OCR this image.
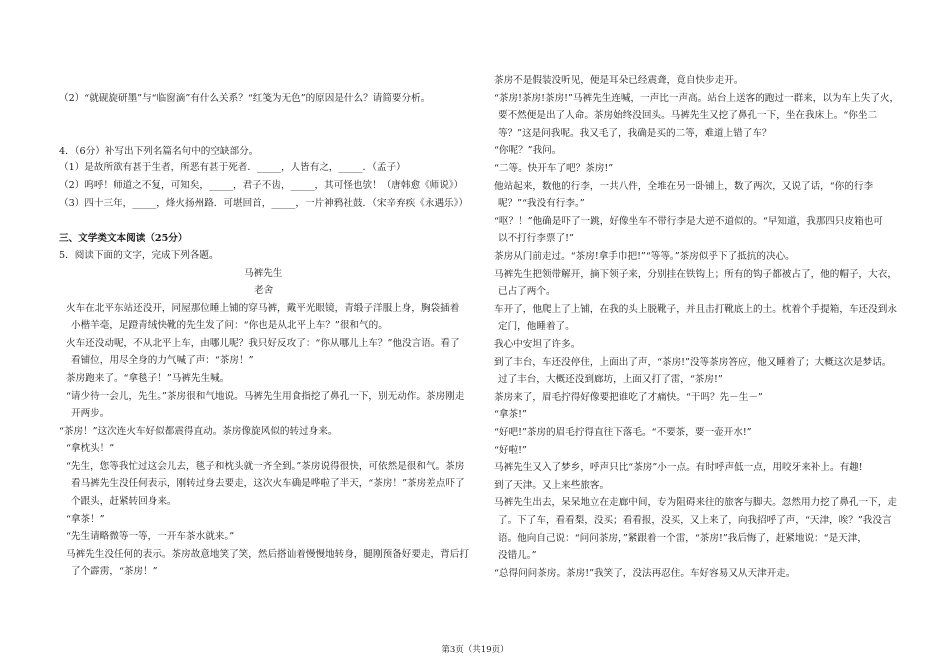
（2）“就砚旋研墨”与“临窗滴”有什么关系？“红笺为无色”的原因是什么？请简要分析。
4．（6分）补写出下列名篇名句中的空缺部分。
（1）是故所欲有甚于生者，所恶有甚于死者．_____，人皆有之，_____．（孟子）
（2）呜呼！师道之不复，可知矣，_____，君子不齿，_____，其可怪也欤！（唐韩愈《师说》）
（3）四十三年，_____，烽火扬州路．可堪回首，_____，一片神鸦社鼓．（宋辛弃疾《永遇乐》）
三、文学类文本阅读（25分）
5．阅读下面的文字，完成下列各题。
马裤先生
老舍
火车在北平东站还没开，同屋那位睡上铺的穿马裤，戴平光眼镜，青缎子洋服上身，胸袋插着
小楷羊毫，足蹬青绒快靴的先生发了问：“你也是从北平上车？”很和气的。
火车还没动呢，不从北平上车，由哪儿呢？我只好反攻了：“你从哪儿上车？”他没言语。看了
看铺位，用尽全身的力气喊了声：“茶房！”
茶房跑来了。“拿毯子！”马裤先生喊。
“请少待一会儿，先生。”茶房很和气地说。马裤先生用食指挖了鼻孔一下，别无动作。茶房刚走
开两步。
“茶房！”这次连火车好似都震得直动。茶房像旋风似的转过身来。
“拿枕头！”
“先生，您等我忙过这会儿去，毯子和枕头就一齐全到。”茶房说得很快，可依然是很和气。茶房
看马裤先生没任何表示，刚转过身去要走，这次火车确是哗啦了半天，“茶房！”茶房差点吓了
个跟头，赶紧转回身来。
“拿茶！”
“先生请略微等一等，一开车茶水就来。”
马裤先生没任何的表示。茶房故意地笑了笑，然后搭讪着慢慢地转身，腿刚预备好要走，背后打
了个霹雳，“茶房！”
茶房不是假装没听见，便是耳朵已经震聋，竟自快步走开。
“茶房!茶房!茶房!”马裤先生连喊，一声比一声高。站台上送客的跑过一群来，以为车上失了火，
要不然便是出了人命。茶房始终没回头。马裤先生又挖了鼻孔一下，坐在我床上。“你坐二
等？”这是问我呢。我又毛了，我确是买的二等，难道上错了车？
“你呢？”我问。
“二等。快开车了吧？茶房!”
他站起来，数他的行李，一共八件，全堆在另一卧铺上，数了两次，又说了话，“你的行李
呢？”“我没有行李。”
“呕？！”他确是吓了一跳，好像坐车不带行李是大逆不道似的。“早知道，我那四只皮箱也可
以不打行李票了!”
茶房从门前走过。“茶房!拿手巾把!”“等等。”茶房似乎下了抵抗的决心。
马裤先生把领带解开，摘下领子来，分别挂在铁钩上；所有的钩子都被占了，他的帽子，大衣，
已占了两个。
车开了，他爬上了上铺，在我的头上脱靴子，并且击打靴底上的土。枕着个手提箱，车还没到永
定门，他睡着了。
我心中安坦了许多。
到了丰台，车还没停住，上面出了声，“茶房!”没等茶房答应，他又睡着了；大概这次是梦话。
过了丰台，大概还没到廊坊，上面又打了雷，“茶房!”
茶房来了，眉毛拧得好像要把谁吃了才痛快。“干吗？先－生－”
“拿茶!”
“好吧!”茶房的眉毛拧得直往下落毛。“不要茶，要一壶开水!”
“好啦!”
马裤先生又入了梦乡，呼声只比“茶房”小一点。有时呼声低一点，用咬牙来补上。有趣!
到了天津。又上来些旅客。
马裤先生出去，呆呆地立在走廊中间，专为阻碍来往的旅客与脚夫。忽然用力挖了鼻孔一下，走
了。下了车，看看梨，没买；看看报，没买，又上来了，向我招呼了声，“天津，唉？”我没言
语。他向自己说：“问问茶房，”紧跟着一个雷，“茶房!”我后悔了，赶紧地说：“是天津，
没错儿。”
“总得问问茶房。茶房!”我笑了，没法再忍住。车好容易又从天津开走。
第3页（共19页）
